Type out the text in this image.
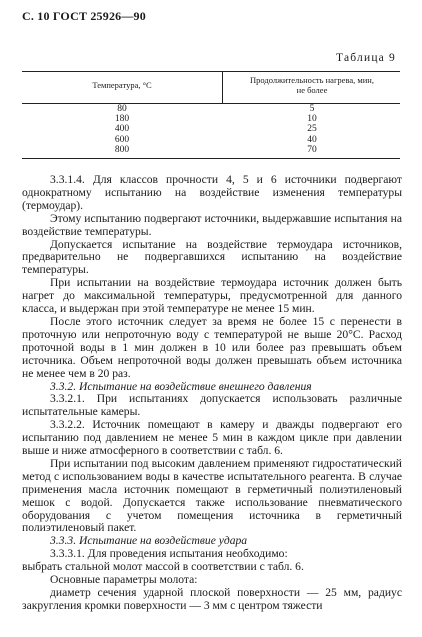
С. 10 ГОСТ 25926—90
Таблица 9
Температура, °С	Продолжительность нагрева, мин,
не более
80
180
400
600
800
5
10
25
40
70

3.3.1.4. Для классов прочности 4, 5 и 6 источники подвергают однократному испытанию на воздействие изменения температуры (термоудар).

Этому испытанию подвергают источники, выдержавшие испытания на воздействие температуры.

Допускается испытание на воздействие термоудара источников, предварительно не подвергавшихся испытанию на воздействие температуры.

При испытании на воздействие термоудара источник должен быть нагрет до максимальной температуры, предусмотренной для данного класса, и выдержан при этой температуре не менее 15 мин.

После этого источник следует за время не более 15 с перенести в проточную или непроточную воду с температурой не выше 20°С. Расход проточной воды в 1 мин должен в 10 или более раз превышать объем источника. Объем непроточной воды должен превышать объем источника не менее чем в 20 раз.

3.3.2. Испытание на воздействие внешнего давления

3.3.2.1. При испытаниях допускается использовать различные испытательные камеры.

3.3.2.2. Источник помещают в камеру и дважды подвергают его испытанию под давлением не менее 5 мин в каждом цикле при давлении выше и ниже атмосферного в соответствии с табл. 6.

При испытании под высоким давлением применяют гидростатический метод с использованием воды в качестве испытательного реагента. В случае применения масла источник помещают в герметичный полиэтиленовый мешок с водой. Допускается также использование пневматического оборудования с учетом помещения источника в герметичный полиэтиленовый пакет.

3.3.3. Испытание на воздействие удара

3.3.3.1. Для проведения испытания необходимо:

выбрать стальной молот массой в соответствии с табл. 6.

Основные параметры молота:

диаметр сечения ударной плоской поверхности — 25 мм, радиус закругления кромки поверхности — 3 мм с центром тяжести
